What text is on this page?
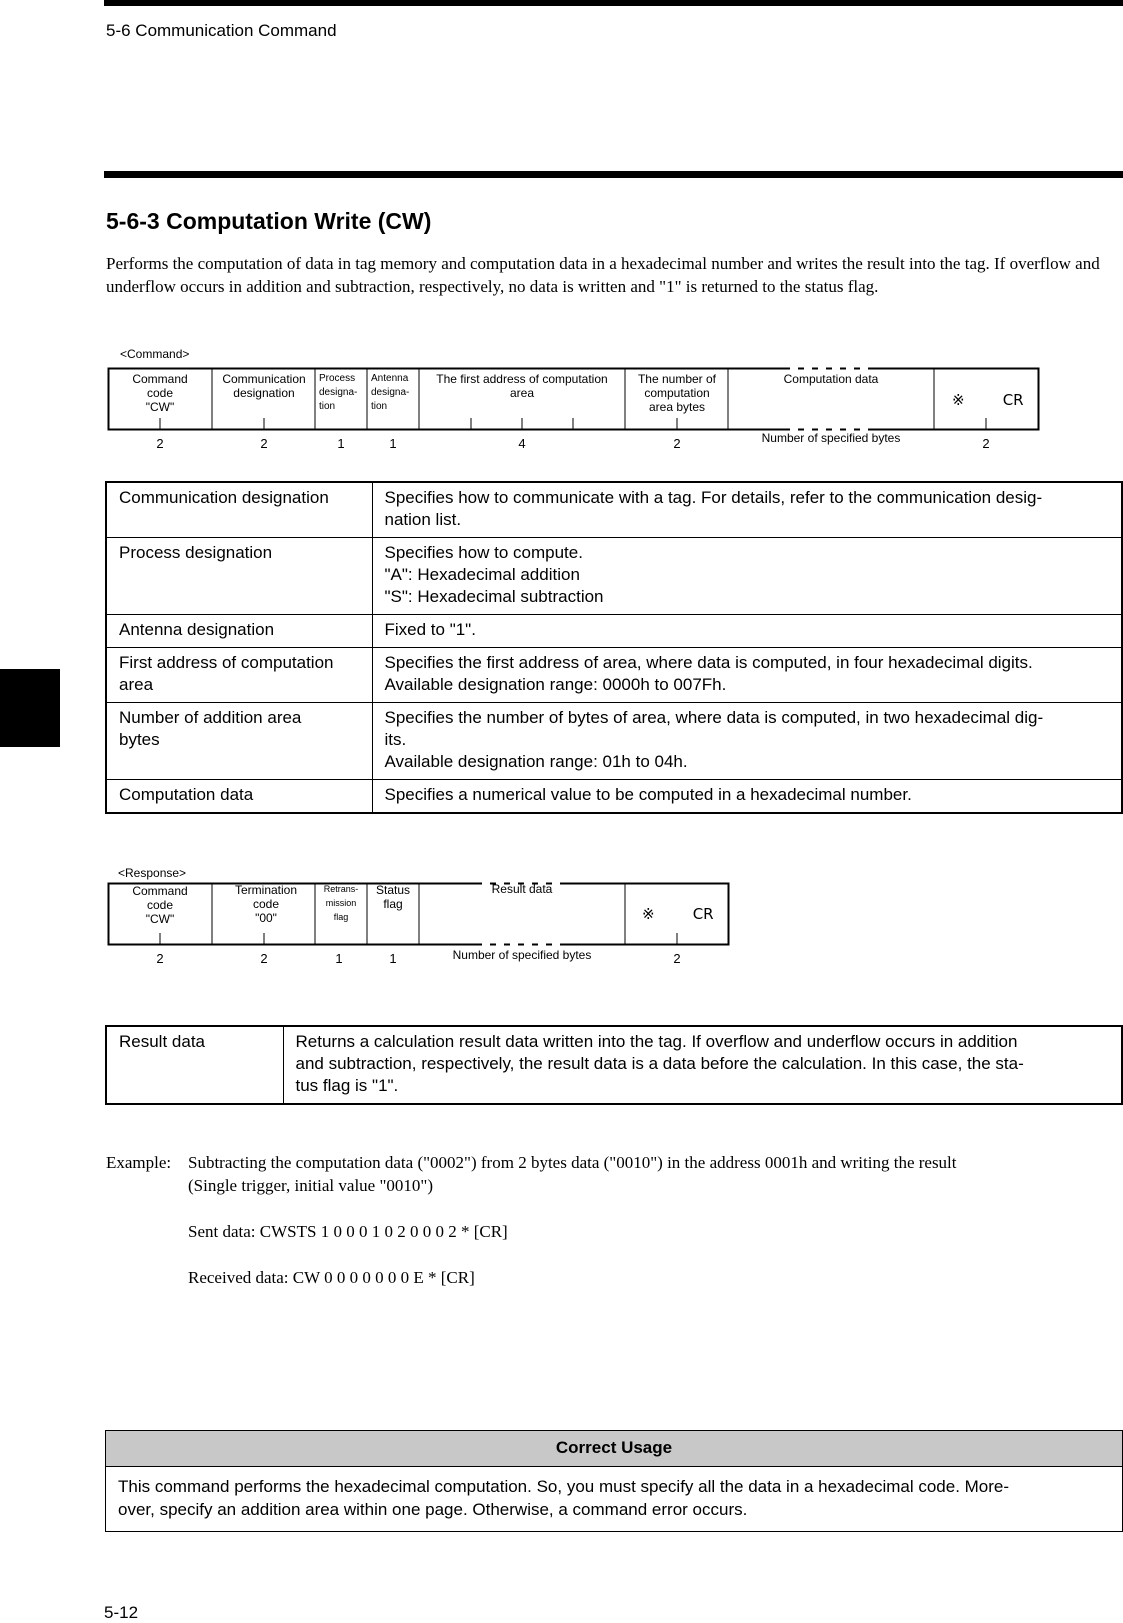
5-6 Communication Command
5-6-3 Computation Write (CW)
Performs the computation of data in tag memory and computation data in a hexadecimal number and writes the result into the tag. If overflow and underflow occurs in addition and subtraction, respectively, no data is written and "1" is returned to the status flag.
<Command>
Command
code
"CW"
Communication
designation
Process
designa-
tion
Antenna
designa-
tion
The first address of computation
area
The number of
computation
area bytes
Computation data
Number of specified bytes
※        CR
2	2	1	1	4	2	2
Communication designation	Specifies how to communicate with a tag. For details, refer to the communication desig-
nation list.
Process designation	Specifies how to compute.
"A": Hexadecimal addition
"S": Hexadecimal subtraction
Antenna designation	Fixed to "1".
First address of computation
area	Specifies the first address of area, where data is computed, in four hexadecimal digits.
Available designation range: 0000h to 007Fh.
Number of addition area
bytes	Specifies the number of bytes of area, where data is computed, in two hexadecimal dig-
its.
Available designation range: 01h to 04h.
Computation data	Specifies a numerical value to be computed in a hexadecimal number.
<Response>
Command
code
"CW"
Termination
code
"00"
Retrans-
mission
flag
Status
flag
Result data
Number of specified bytes
※        CR
2	2	1	1	2
Result data	Returns a calculation result data written into the tag. If overflow and underflow occurs in addition
and subtraction, respectively, the result data is a data before the calculation. In this case, the sta-
tus flag is "1".
Example: Subtracting the computation data ("0002") from 2 bytes data ("0010") in the address 0001h and writing the result
(Single trigger, initial value "0010")
Sent data: CWSTS 1 0 0 0 1 0 2 0 0 0 2 * [CR]
Received data: CW 0 0 0 0 0 0 0 E * [CR]
Correct Usage
This command performs the hexadecimal computation. So, you must specify all the data in a hexadecimal code. More-
over, specify an addition area within one page. Otherwise, a command error occurs.
5-12
